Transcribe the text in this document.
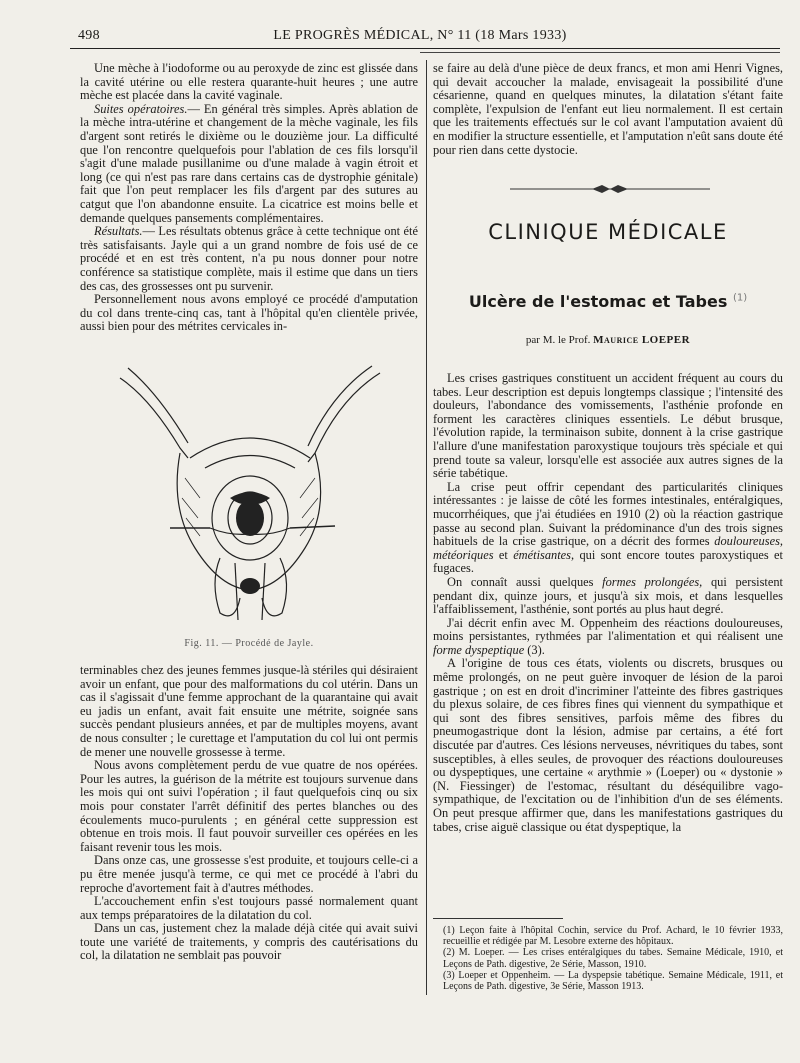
498	LE PROGRÈS MÉDICAL, N° 11 (18 Mars 1933)

Une mèche à l'iodoforme ou au peroxyde de zinc est glissée dans la cavité utérine ou elle restera quarante-huit heures ; une autre mèche est placée dans la cavité vaginale.

Suites opératoires.— En général très simples. Après ablation de la mèche intra-utérine et changement de la mèche vaginale, les fils d'argent sont retirés le dixième ou le douzième jour. La difficulté que l'on rencontre quelquefois pour l'ablation de ces fils lorsqu'il s'agit d'une malade pusillanime ou d'une malade à vagin étroit et long (ce qui n'est pas rare dans certains cas de dystrophie génitale) fait que l'on peut remplacer les fils d'argent par des sutures au catgut que l'on abandonne ensuite. La cicatrice est moins belle et demande quelques pansements complémentaires.

Résultats.— Les résultats obtenus grâce à cette technique ont été très satisfaisants. Jayle qui a un grand nombre de fois usé de ce procédé et en est très content, n'a pu nous donner pour notre conférence sa statistique complète, mais il estime que dans un tiers des cas, des grossesses ont pu survenir.

Personnellement nous avons employé ce procédé d'amputation du col dans trente-cinq cas, tant à l'hôpital qu'en clientèle privée, aussi bien pour des métrites cervicales in-

Fig. 11. — Procédé de Jayle.

terminables chez des jeunes femmes jusque-là stériles qui désiraient avoir un enfant, que pour des malformations du col utérin. Dans un cas il s'agissait d'une femme approchant de la quarantaine qui avait eu jadis un enfant, avait fait ensuite une métrite, soignée sans succès pendant plusieurs années, et par de multiples moyens, avant de nous consulter ; le curettage et l'amputation du col lui ont permis de mener une nouvelle grossesse à terme.

Nous avons complètement perdu de vue quatre de nos opérées. Pour les autres, la guérison de la métrite est toujours survenue dans les mois qui ont suivi l'opération ; il faut quelquefois cinq ou six mois pour constater l'arrêt définitif des pertes blanches ou des écoulements muco-purulents ; en général cette suppression est obtenue en trois mois. Il faut pouvoir surveiller ces opérées en les faisant revenir tous les mois.

Dans onze cas, une grossesse s'est produite, et toujours celle-ci a pu être menée jusqu'à terme, ce qui met ce procédé à l'abri du reproche d'avortement fait à d'autres méthodes.

L'accouchement enfin s'est toujours passé normalement quant aux temps préparatoires de la dilatation du col.

Dans un cas, justement chez la malade déjà citée qui avait suivi toute une variété de traitements, y compris des cautérisations du col, la dilatation ne semblait pas pouvoir

se faire au delà d'une pièce de deux francs, et mon ami Henri Vignes, qui devait accoucher la malade, envisageait la possibilité d'une césarienne, quand en quelques minutes, la dilatation s'étant faite complète, l'expulsion de l'enfant eut lieu normalement. Il est certain que les traitements effectués sur le col avant l'amputation avaient dû en modifier la structure essentielle, et l'amputation n'eût sans doute été pour rien dans cette dystocie.

CLINIQUE MÉDICALE
Ulcère de l'estomac et Tabes $^{(1)}$
par M. le Prof. Maurice LOEPER

Les crises gastriques constituent un accident fréquent au cours du tabes. Leur description est depuis longtemps classique ; l'intensité des douleurs, l'abondance des vomissements, l'asthénie profonde en forment les caractères cliniques essentiels. Le début brusque, l'évolution rapide, la terminaison subite, donnent à la crise gastrique l'allure d'une manifestation paroxystique toujours très spéciale et qui prend toute sa valeur, lorsqu'elle est associée aux autres signes de la série tabétique.

La crise peut offrir cependant des particularités cliniques intéressantes : je laisse de côté les formes intestinales, entéralgiques, mucorrhéiques, que j'ai étudiées en 1910 (2) où la réaction gastrique passe au second plan. Suivant la prédominance d'un des trois signes habituels de la crise gastrique, on a décrit des formes douloureuses, météoriques et émétisantes, qui sont encore toutes paroxystiques et fugaces.

On connaît aussi quelques formes prolongées, qui persistent pendant dix, quinze jours, et jusqu'à six mois, et dans lesquelles l'affaiblissement, l'asthénie, sont portés au plus haut degré.

J'ai décrit enfin avec M. Oppenheim des réactions douloureuses, moins persistantes, rythmées par l'alimentation et qui réalisent une forme dyspeptique (3).

A l'origine de tous ces états, violents ou discrets, brusques ou même prolongés, on ne peut guère invoquer de lésion de la paroi gastrique ; on est en droit d'incriminer l'atteinte des fibres gastriques du plexus solaire, de ces fibres fines qui viennent du sympathique et qui sont des fibres sensitives, parfois même des fibres du pneumogastrique dont la lésion, admise par certains, a été fort discutée par d'autres. Ces lésions nerveuses, névritiques du tabes, sont susceptibles, à elles seules, de provoquer des réactions douloureuses ou dyspeptiques, une certaine « arythmie » (Loeper) ou « dystonie » (N. Fiessinger) de l'estomac, résultant du déséquilibre vago-sympathique, de l'excitation ou de l'inhibition d'un de ses éléments. On peut presque affirmer que, dans les manifestations gastriques du tabes, crise aiguë classique ou état dyspeptique, la

(1) Leçon faite à l'hôpital Cochin, service du Prof. Achard, le 10 février 1933, recueillie et rédigée par M. Lesobre externe des hôpitaux.

(2) M. Loeper. — Les crises entéralgiques du tabes. Semaine Médicale, 1910, et Leçons de Path. digestive, 2e Série, Masson, 1910.

(3) Loeper et Oppenheim. — La dyspepsie tabétique. Semaine Médicale, 1911, et Leçons de Path. digestive, 3e Série, Masson 1913.
